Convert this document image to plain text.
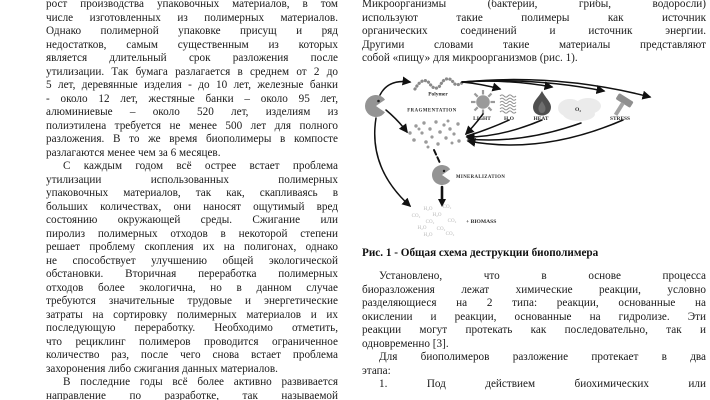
рост производства упаковочных материалов, в том
числе изготовленных из полимерных материалов.
Однако полимерной упаковке присущ и ряд
недостатков, самым существенным из которых
является длительный срок разложения после
утилизации. Так бумага разлагается в среднем от 2 до
5 лет, деревянные изделия - до 10 лет, железные банки
- около 12 лет, жестяные банки – около 95 лет,
алюминиевые – около 520 лет, изделиям из
полиэтилена требуется не менее 500 лет для полного
разложения. В то же время биополимеры в компосте
разлагаются менее чем за 6 месяцев.
С каждым годом всё острее встает проблема
утилизации использованных полимерных
упаковочных материалов, так как, скапливаясь в
больших количествах, они наносят ощутимый вред
состоянию окружающей среды. Сжигание или
пиролиз полимерных отходов в некоторой степени
решает проблему скопления их на полигонах, однако
не способствует улучшению общей экологической
обстановки. Вторичная переработка полимерных
отходов более экологична, но в данном случае
требуются значительные трудовые и энергетические
затраты на сортировку полимерных материалов и их
последующую переработку. Необходимо отметить,
что рециклинг полимеров проводится ограниченное
количество раз, после чего снова встает проблема
захоронения либо сжигания данных материалов.
В последние годы всё более активно развивается
направление по разработке, так называемой
Микроорганизмы (бактерии, грибы, водоросли)
используют такие полимеры как источник
органических соединений и источник энергии.
Другими словами такие материалы представляют
собой «пищу» для микроорганизмов (рис. 1).
Polymer
FRAGMENTATION
LIGHT H₂O	HEAT
O₂
STRESS
MINERALIZATION
H₂O CO₂
CO₂ H₂O
CO₂	CO₂
H₂O CO₂
H₂O	CO₂
+ BIOMASS
Рис. 1 - Общая схема деструкции биополимера
Установлено, что в основе процесса
биоразложения лежат химические реакции, условно
разделяющиеся на 2 типа: реакции, основанные на
окислении и реакции, основанные на гидролизе. Эти
реакции могут протекать как последовательно, так и
одновременно [3].
Для биополимеров разложение протекает в два
этапа:
1. Под действием биохимических или
